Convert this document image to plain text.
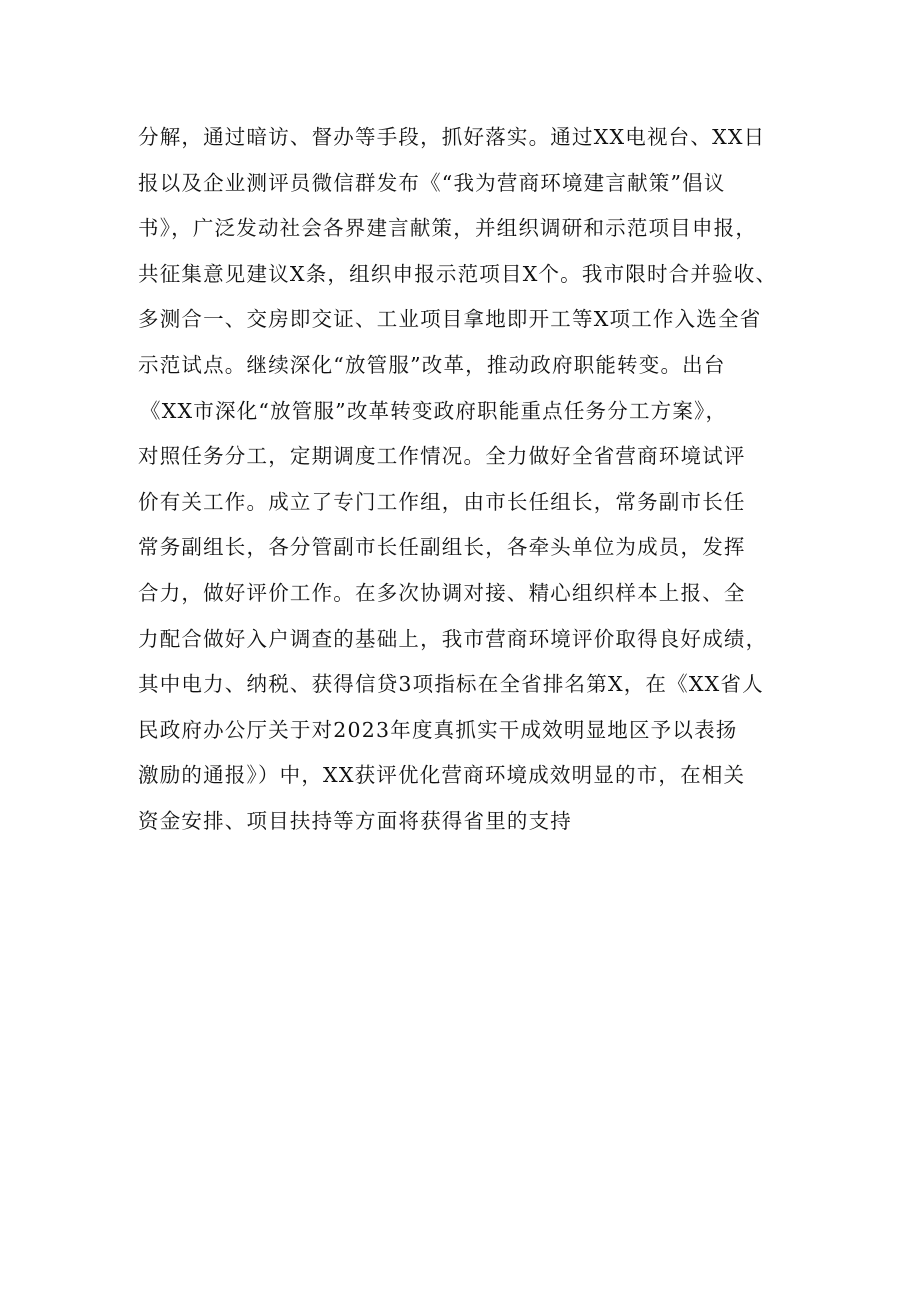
分解，通过暗访、督办等手段，抓好落实。通过XX电视台、XX日
报以及企业测评员微信群发布《“我为营商环境建言献策”倡议
书》，广泛发动社会各界建言献策，并组织调研和示范项目申报，
共征集意见建议X条，组织申报示范项目X个。我市限时合并验收、
多测合一、交房即交证、工业项目拿地即开工等X项工作入选全省
示范试点。继续深化“放管服”改革，推动政府职能转变。出台
《XX市深化“放管服”改革转变政府职能重点任务分工方案》，
对照任务分工，定期调度工作情况。全力做好全省营商环境试评
价有关工作。成立了专门工作组，由市长任组长，常务副市长任
常务副组长，各分管副市长任副组长，各牵头单位为成员，发挥
合力，做好评价工作。在多次协调对接、精心组织样本上报、全
力配合做好入户调查的基础上，我市营商环境评价取得良好成绩，
其中电力、纳税、获得信贷3项指标在全省排名第X，在《XX省人
民政府办公厅关于对2023年度真抓实干成效明显地区予以表扬
激励的通报》）中，XX获评优化营商环境成效明显的市，在相关
资金安排、项目扶持等方面将获得省里的支持
